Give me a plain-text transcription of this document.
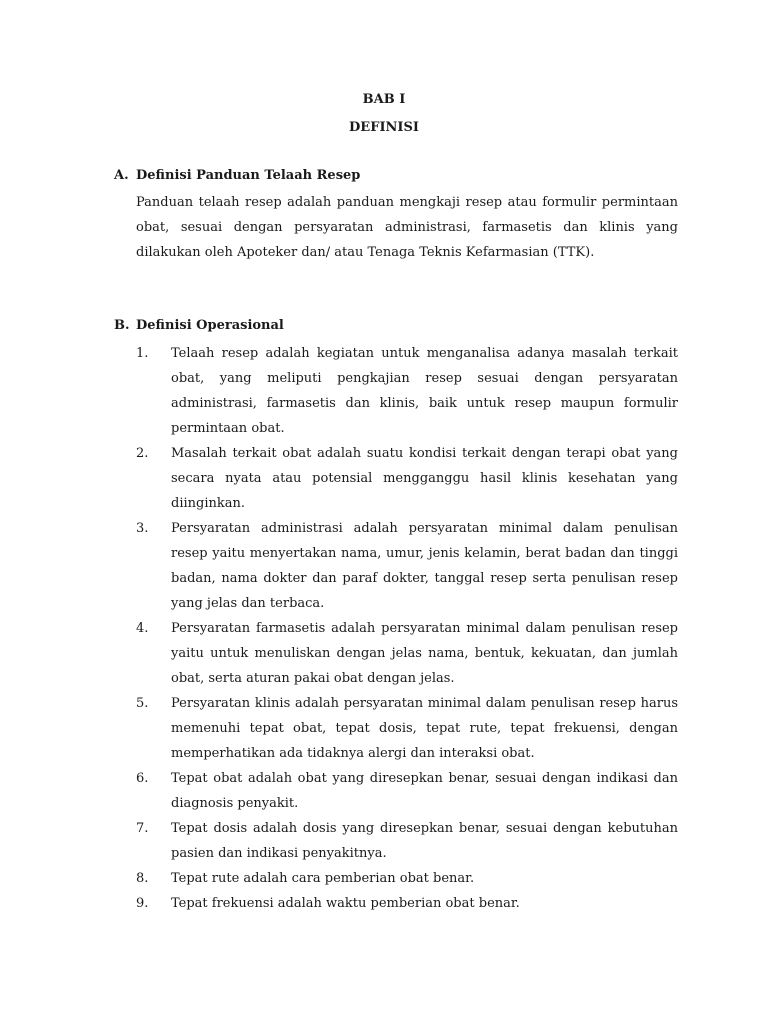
BAB I
DEFINISI
A. Definisi Panduan Telaah Resep
Panduan telaah resep adalah panduan mengkaji resep atau formulir permintaan obat, sesuai dengan persyaratan administrasi, farmasetis dan klinis yang dilakukan oleh Apoteker dan/ atau Tenaga Teknis Kefarmasian (TTK).
B. Definisi Operasional
1.	Telaah resep adalah kegiatan untuk menganalisa adanya masalah terkait obat, yang meliputi pengkajian resep sesuai dengan persyaratan administrasi, farmasetis dan klinis, baik untuk resep maupun formulir permintaan obat.
2.	Masalah terkait obat adalah suatu kondisi terkait dengan terapi obat yang secara nyata atau potensial mengganggu hasil klinis kesehatan yang diinginkan.
3.	Persyaratan administrasi adalah persyaratan minimal dalam penulisan resep yaitu menyertakan nama, umur, jenis kelamin, berat badan dan tinggi badan, nama dokter dan paraf dokter, tanggal resep serta penulisan resep yang jelas dan terbaca.
4.	Persyaratan farmasetis adalah persyaratan minimal dalam penulisan resep yaitu untuk menuliskan dengan jelas nama, bentuk, kekuatan, dan jumlah obat, serta aturan pakai obat dengan jelas.
5.	Persyaratan klinis adalah persyaratan minimal dalam penulisan resep harus memenuhi tepat obat, tepat dosis, tepat rute, tepat frekuensi, dengan memperhatikan ada tidaknya alergi dan interaksi obat.
6.	Tepat obat adalah obat yang diresepkan benar, sesuai dengan indikasi dan diagnosis penyakit.
7.	Tepat dosis adalah dosis yang diresepkan benar, sesuai dengan kebutuhan pasien dan indikasi penyakitnya.
8.	Tepat rute adalah cara pemberian obat benar.
9.	Tepat frekuensi adalah waktu pemberian obat benar.
